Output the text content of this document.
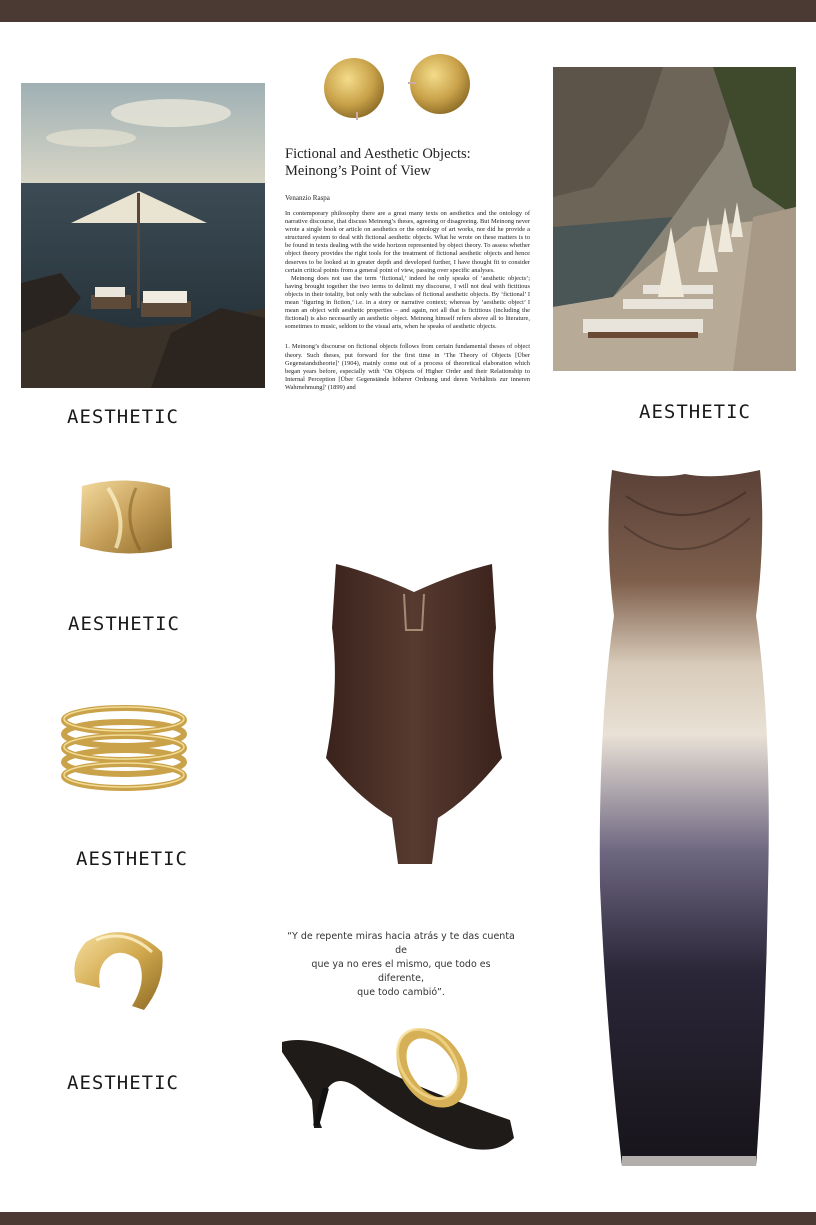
AESTHETIC
Fictional and Aesthetic Objects:
Meinong’s Point of View
Venanzio Raspa

In contemporary philosophy there are a great many texts on aesthetics and the ontology of narrative discourse, that discuss Meinong’s theses, agreeing or disagreeing. But Meinong never wrote a single book or article on aesthetics or the ontology of art works, nor did he provide a structured system to deal with fictional aesthetic objects. What he wrote on these matters is to be found in texts dealing with the wide horizon represented by object theory. To assess whether object theory provides the right tools for the treatment of fictional aesthetic objects and hence deserves to be looked at in greater depth and developed further, I have thought fit to consider certain critical points from a general point of view, passing over specific analyses.

Meinong does not use the term ‘fictional,’ indeed he only speaks of ‘aesthetic objects’; having brought together the two terms to delimit my discourse, I will not deal with fictitious objects in their totality, but only with the subclass of fictional aesthetic objects. By ‘fictional’ I mean ‘figuring in fiction,’ i.e. in a story or narrative context; whereas by ‘aesthetic object’ I mean an object with aesthetic properties – and again, not all that is fictitious (including the fictional) is also necessarily an aesthetic object. Meinong himself refers above all to literature, sometimes to music, seldom to the visual arts, when he speaks of aesthetic objects.

1. Meinong’s discourse on fictional objects follows from certain fundamental theses of object theory. Such theses, put forward for the first time in ‘The Theory of Objects [Über Gegenstandstheorie]’ (1904), mainly come out of a process of theoretical elaboration which began years before, especially with ‘On Objects of Higher Order and their Relationship to Internal Perception [Über Gegenstände höherer Ordnung und deren Verhältnis zur inneren Wahrnehmung]’ (1899) and

AESTHETIC
AESTHETIC
AESTHETIC
AESTHETIC
“Y de repente miras hacia atrás y te das cuenta de
que ya no eres el mismo, que todo es diferente,
que todo cambió”.
